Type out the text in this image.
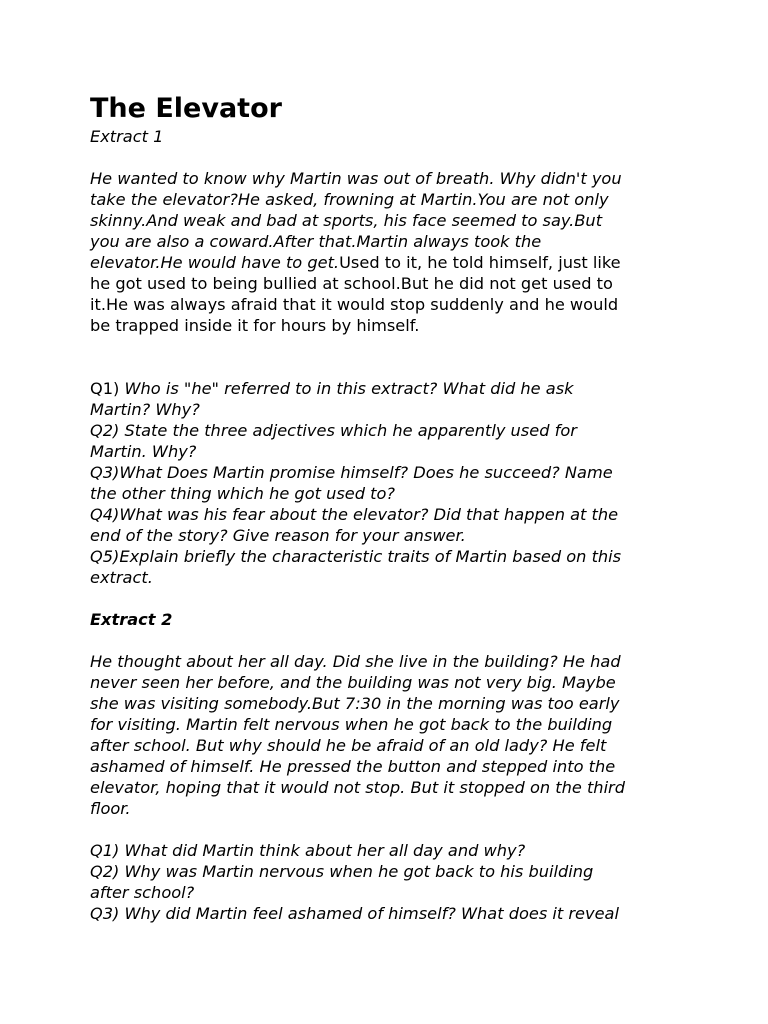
The Elevator

Extract 1

He wanted to know why Martin was out of breath. Why didn't you
take the elevator?He asked, frowning at Martin.You are not only
skinny.And weak and bad at sports, his face seemed to say.But
you are also a coward.After that.Martin always took the
elevator.He would have to get.Used to it, he told himself, just like
he got used to being bullied at school.But he did not get used to
it.He was always afraid that it would stop suddenly and he would
be trapped inside it for hours by himself.
Q1) Who is "he" referred to in this extract? What did he ask
Martin? Why?
Q2) State the three adjectives which he apparently used for
Martin. Why?
Q3)What Does Martin promise himself? Does he succeed? Name
the other thing which he got used to?
Q4)What was his fear about the elevator? Did that happen at the
end of the story? Give reason for your answer.
Q5)Explain briefly the characteristic traits of Martin based on this
extract.

Extract 2

He thought about her all day. Did she live in the building? He had
never seen her before, and the building was not very big. Maybe
she was visiting somebody.But 7:30 in the morning was too early
for visiting. Martin felt nervous when he got back to the building
after school. But why should he be afraid of an old lady? He felt
ashamed of himself. He pressed the button and stepped into the
elevator, hoping that it would not stop. But it stopped on the third
floor.
Q1) What did Martin think about her all day and why?
Q2) Why was Martin nervous when he got back to his building
after school?
Q3) Why did Martin feel ashamed of himself? What does it reveal
